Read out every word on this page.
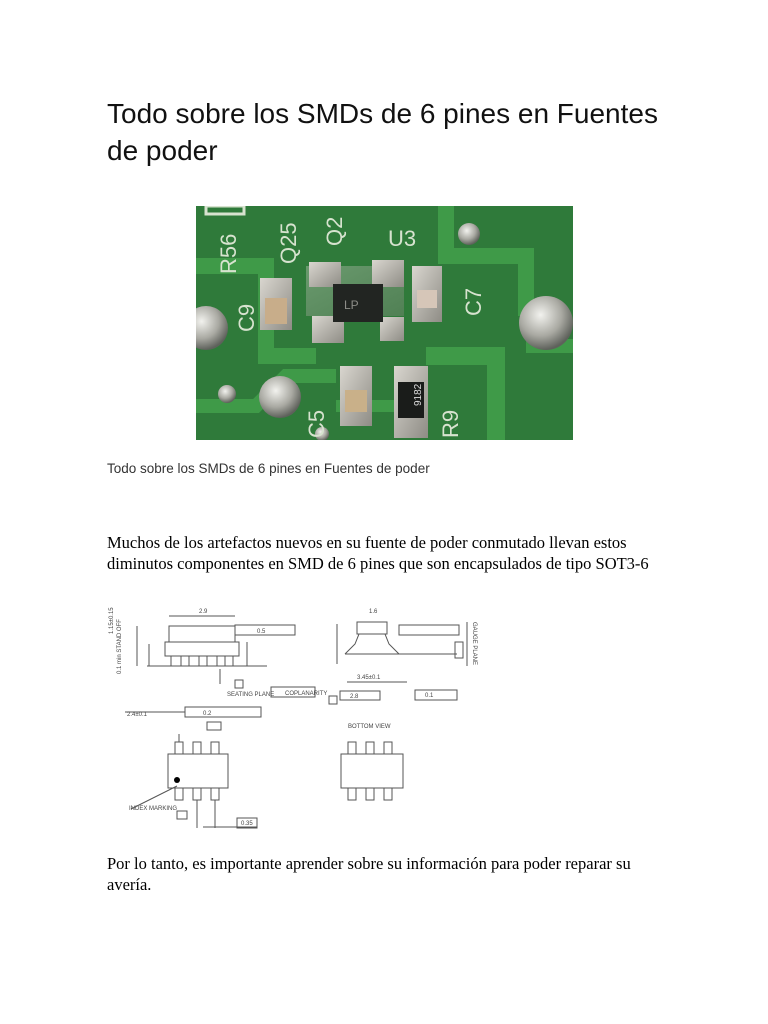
Todo sobre los SMDs de 6 pines en Fuentes de poder
LP
9182
R56 Q25 Q2 U3
C9
C7
C5	R9
Todo sobre los SMDs de 6 pines en Fuentes de poder

Muchos de los artefactos nuevos en su fuente de poder conmutado llevan estos diminutos componentes en SMD de 6 pines que son encapsulados de tipo SOT3-6

2.9
1.15±0.15 0.1 min STAND OFF	0.5
SEATING PLANE COPLANARITY
1.6
3.45±0.1
2.8
GAUGE PLANE
2.4±0.1	0.2
BOTTOM VIEW
INDEX MARKING
0.35
0.1

Por lo tanto, es importante aprender sobre su información para poder reparar su avería.
